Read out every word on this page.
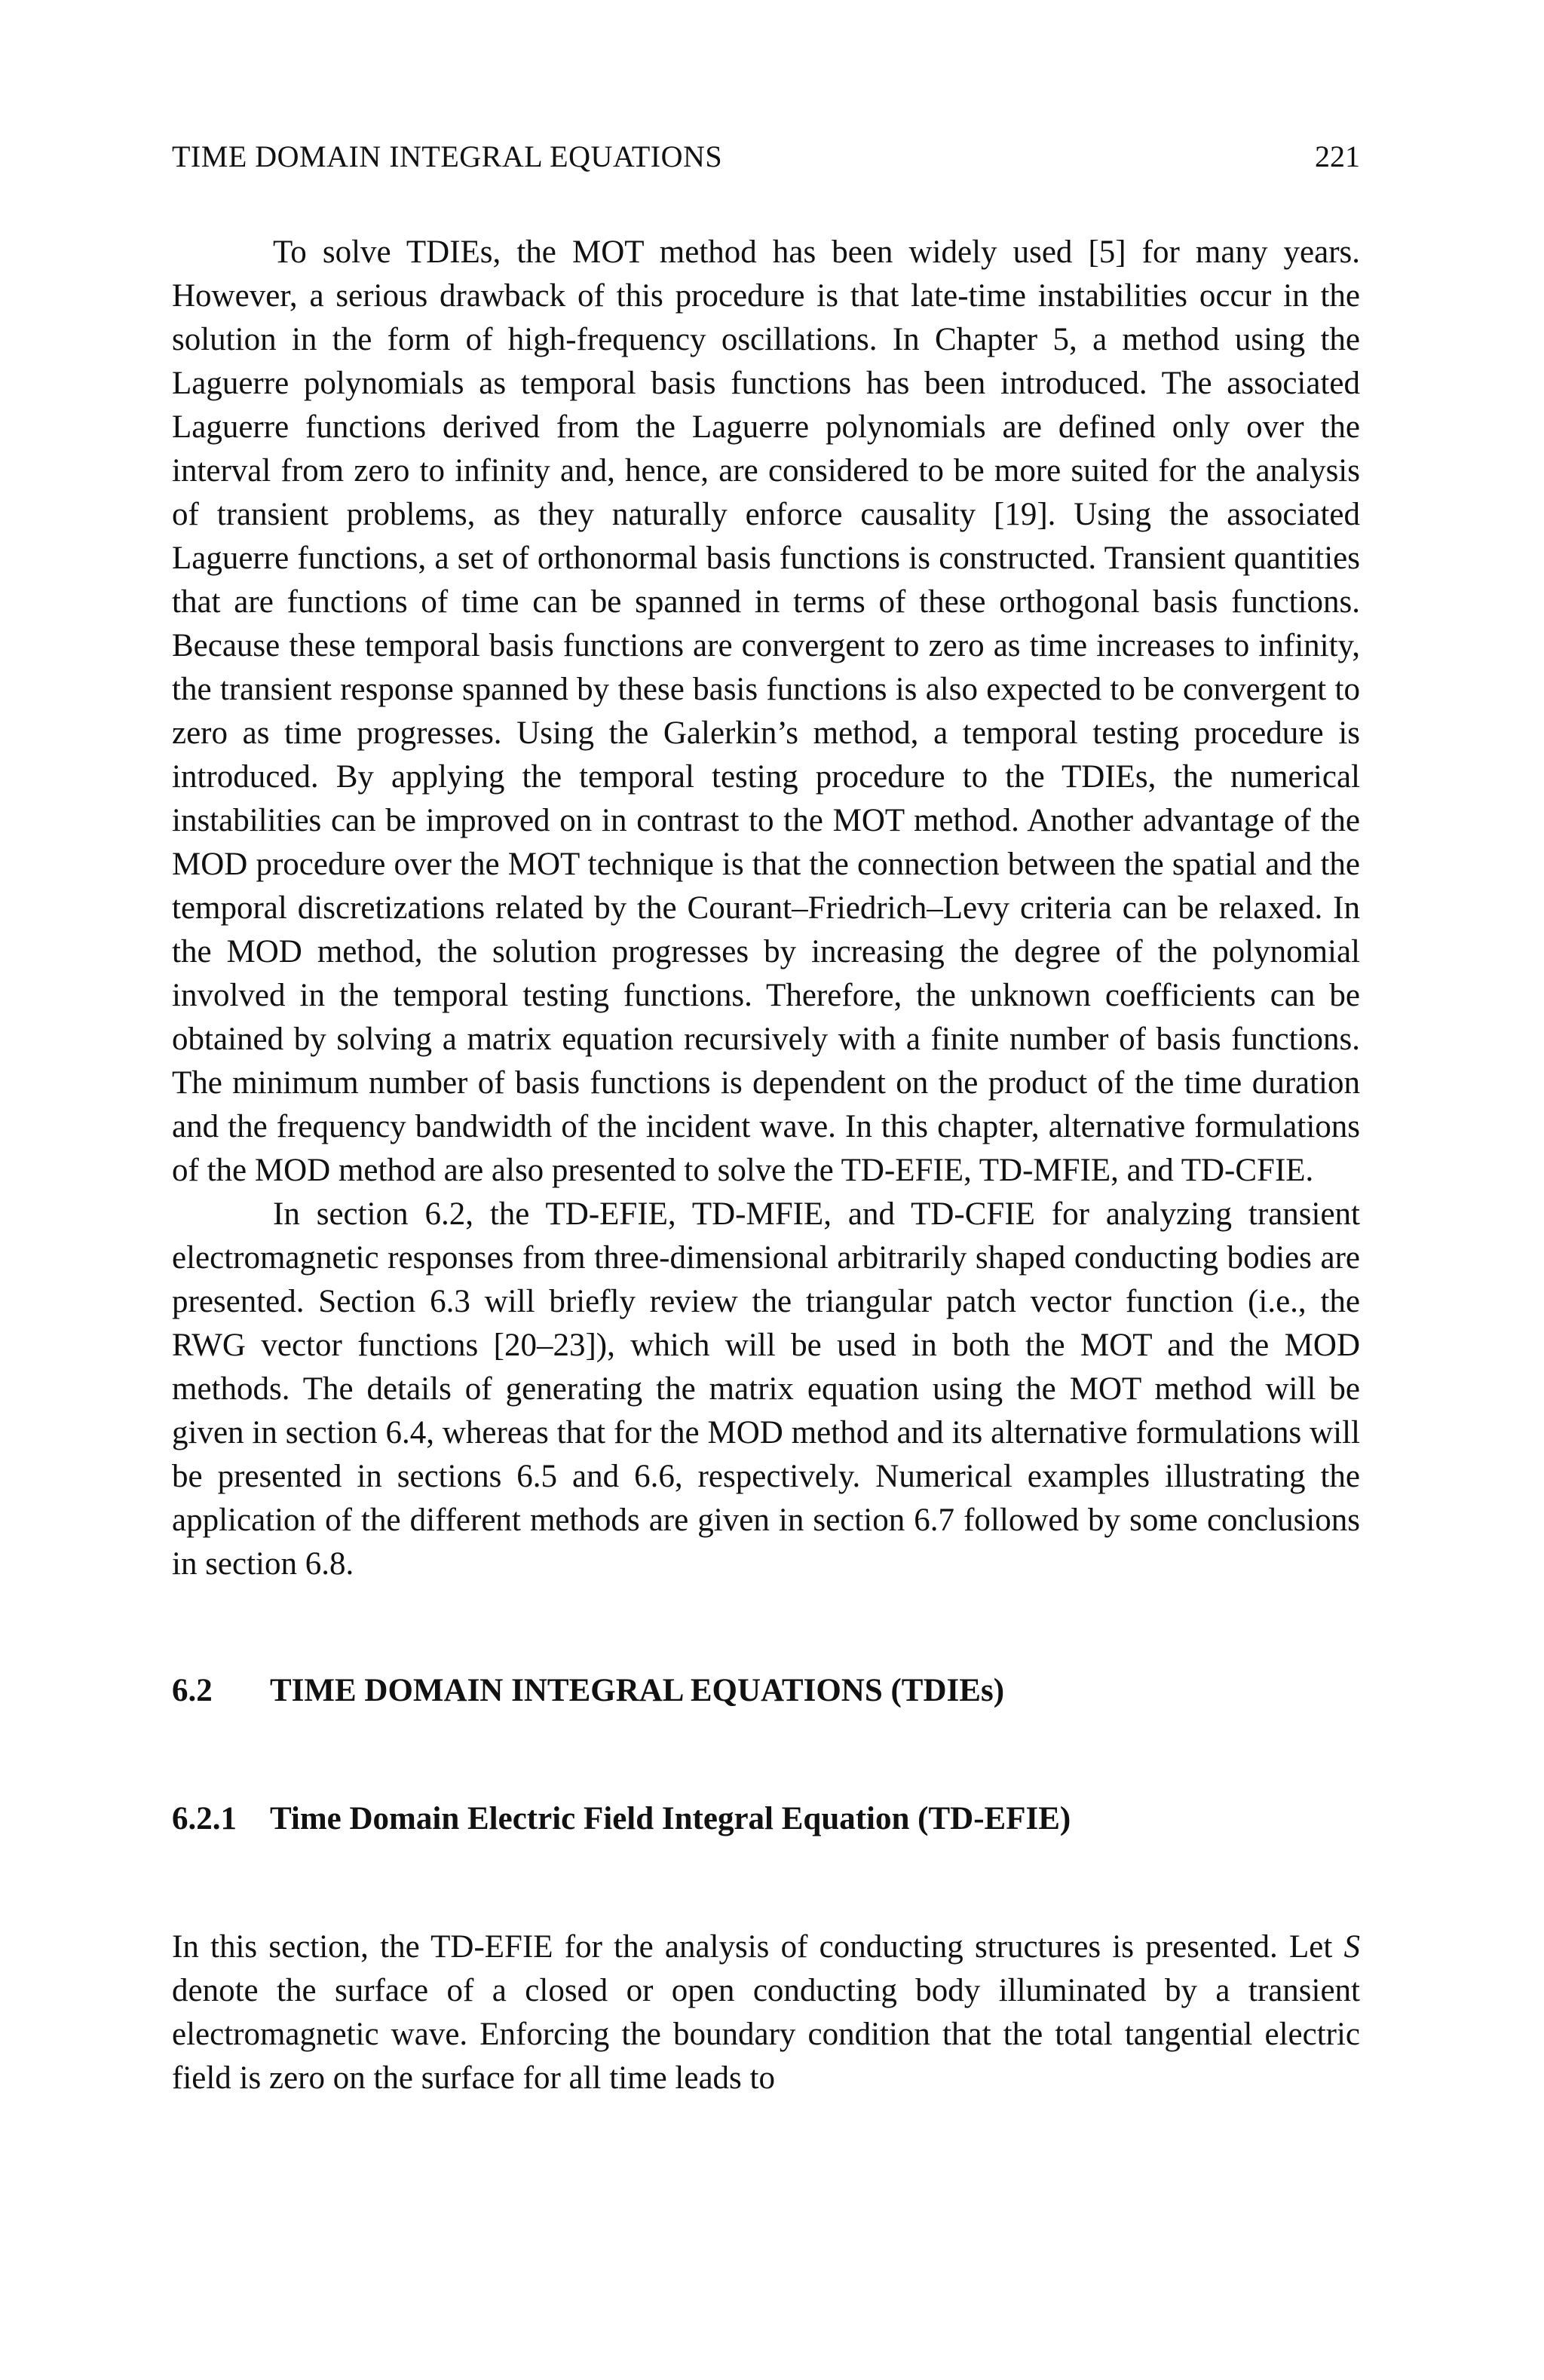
TIME DOMAIN INTEGRAL EQUATIONS	221

To solve TDIEs, the MOT method has been widely used [5] for many years. However, a serious drawback of this procedure is that late-time instabilities occur in the solution in the form of high-frequency oscillations. In Chapter 5, a method using the Laguerre polynomials as temporal basis functions has been introduced. The associated Laguerre functions derived from the Laguerre polynomials are defined only over the interval from zero to infinity and, hence, are considered to be more suited for the analysis of transient problems, as they naturally enforce causality [19]. Using the associated Laguerre functions, a set of orthonormal basis functions is constructed. Transient quantities that are functions of time can be spanned in terms of these orthogonal basis functions. Because these temporal basis functions are convergent to zero as time increases to infinity, the transient response spanned by these basis functions is also expected to be convergent to zero as time progresses. Using the Galerkin’s method, a temporal testing procedure is introduced. By applying the temporal testing procedure to the TDIEs, the numerical instabilities can be improved on in contrast to the MOT method. Another advantage of the MOD procedure over the MOT technique is that the connection between the spatial and the temporal discretizations related by the Courant–Friedrich–Levy criteria can be relaxed. In the MOD method, the solution progresses by increasing the degree of the polynomial involved in the temporal testing functions. Therefore, the unknown coefficients can be obtained by solving a matrix equation recursively with a finite number of basis functions. The minimum number of basis functions is dependent on the product of the time duration and the frequency bandwidth of the incident wave. In this chapter, alternative formulations of the MOD method are also presented to solve the TD-EFIE, TD-MFIE, and TD-CFIE.

In section 6.2, the TD-EFIE, TD-MFIE, and TD-CFIE for analyzing transient electromagnetic responses from three-dimensional arbitrarily shaped conducting bodies are presented. Section 6.3 will briefly review the triangular patch vector function (i.e., the RWG vector functions [20–23]), which will be used in both the MOT and the MOD methods. The details of generating the matrix equation using the MOT method will be given in section 6.4, whereas that for the MOD method and its alternative formulations will be presented in sections 6.5 and 6.6, respectively. Numerical examples illustrating the application of the different methods are given in section 6.7 followed by some conclusions in section 6.8.

6.2	TIME DOMAIN INTEGRAL EQUATIONS (TDIEs)
6.2.1	Time Domain Electric Field Integral Equation (TD-EFIE)

In this section, the TD-EFIE for the analysis of conducting structures is presented. Let S denote the surface of a closed or open conducting body illuminated by a transient electromagnetic wave. Enforcing the boundary condition that the total tangential electric field is zero on the surface for all time leads to
